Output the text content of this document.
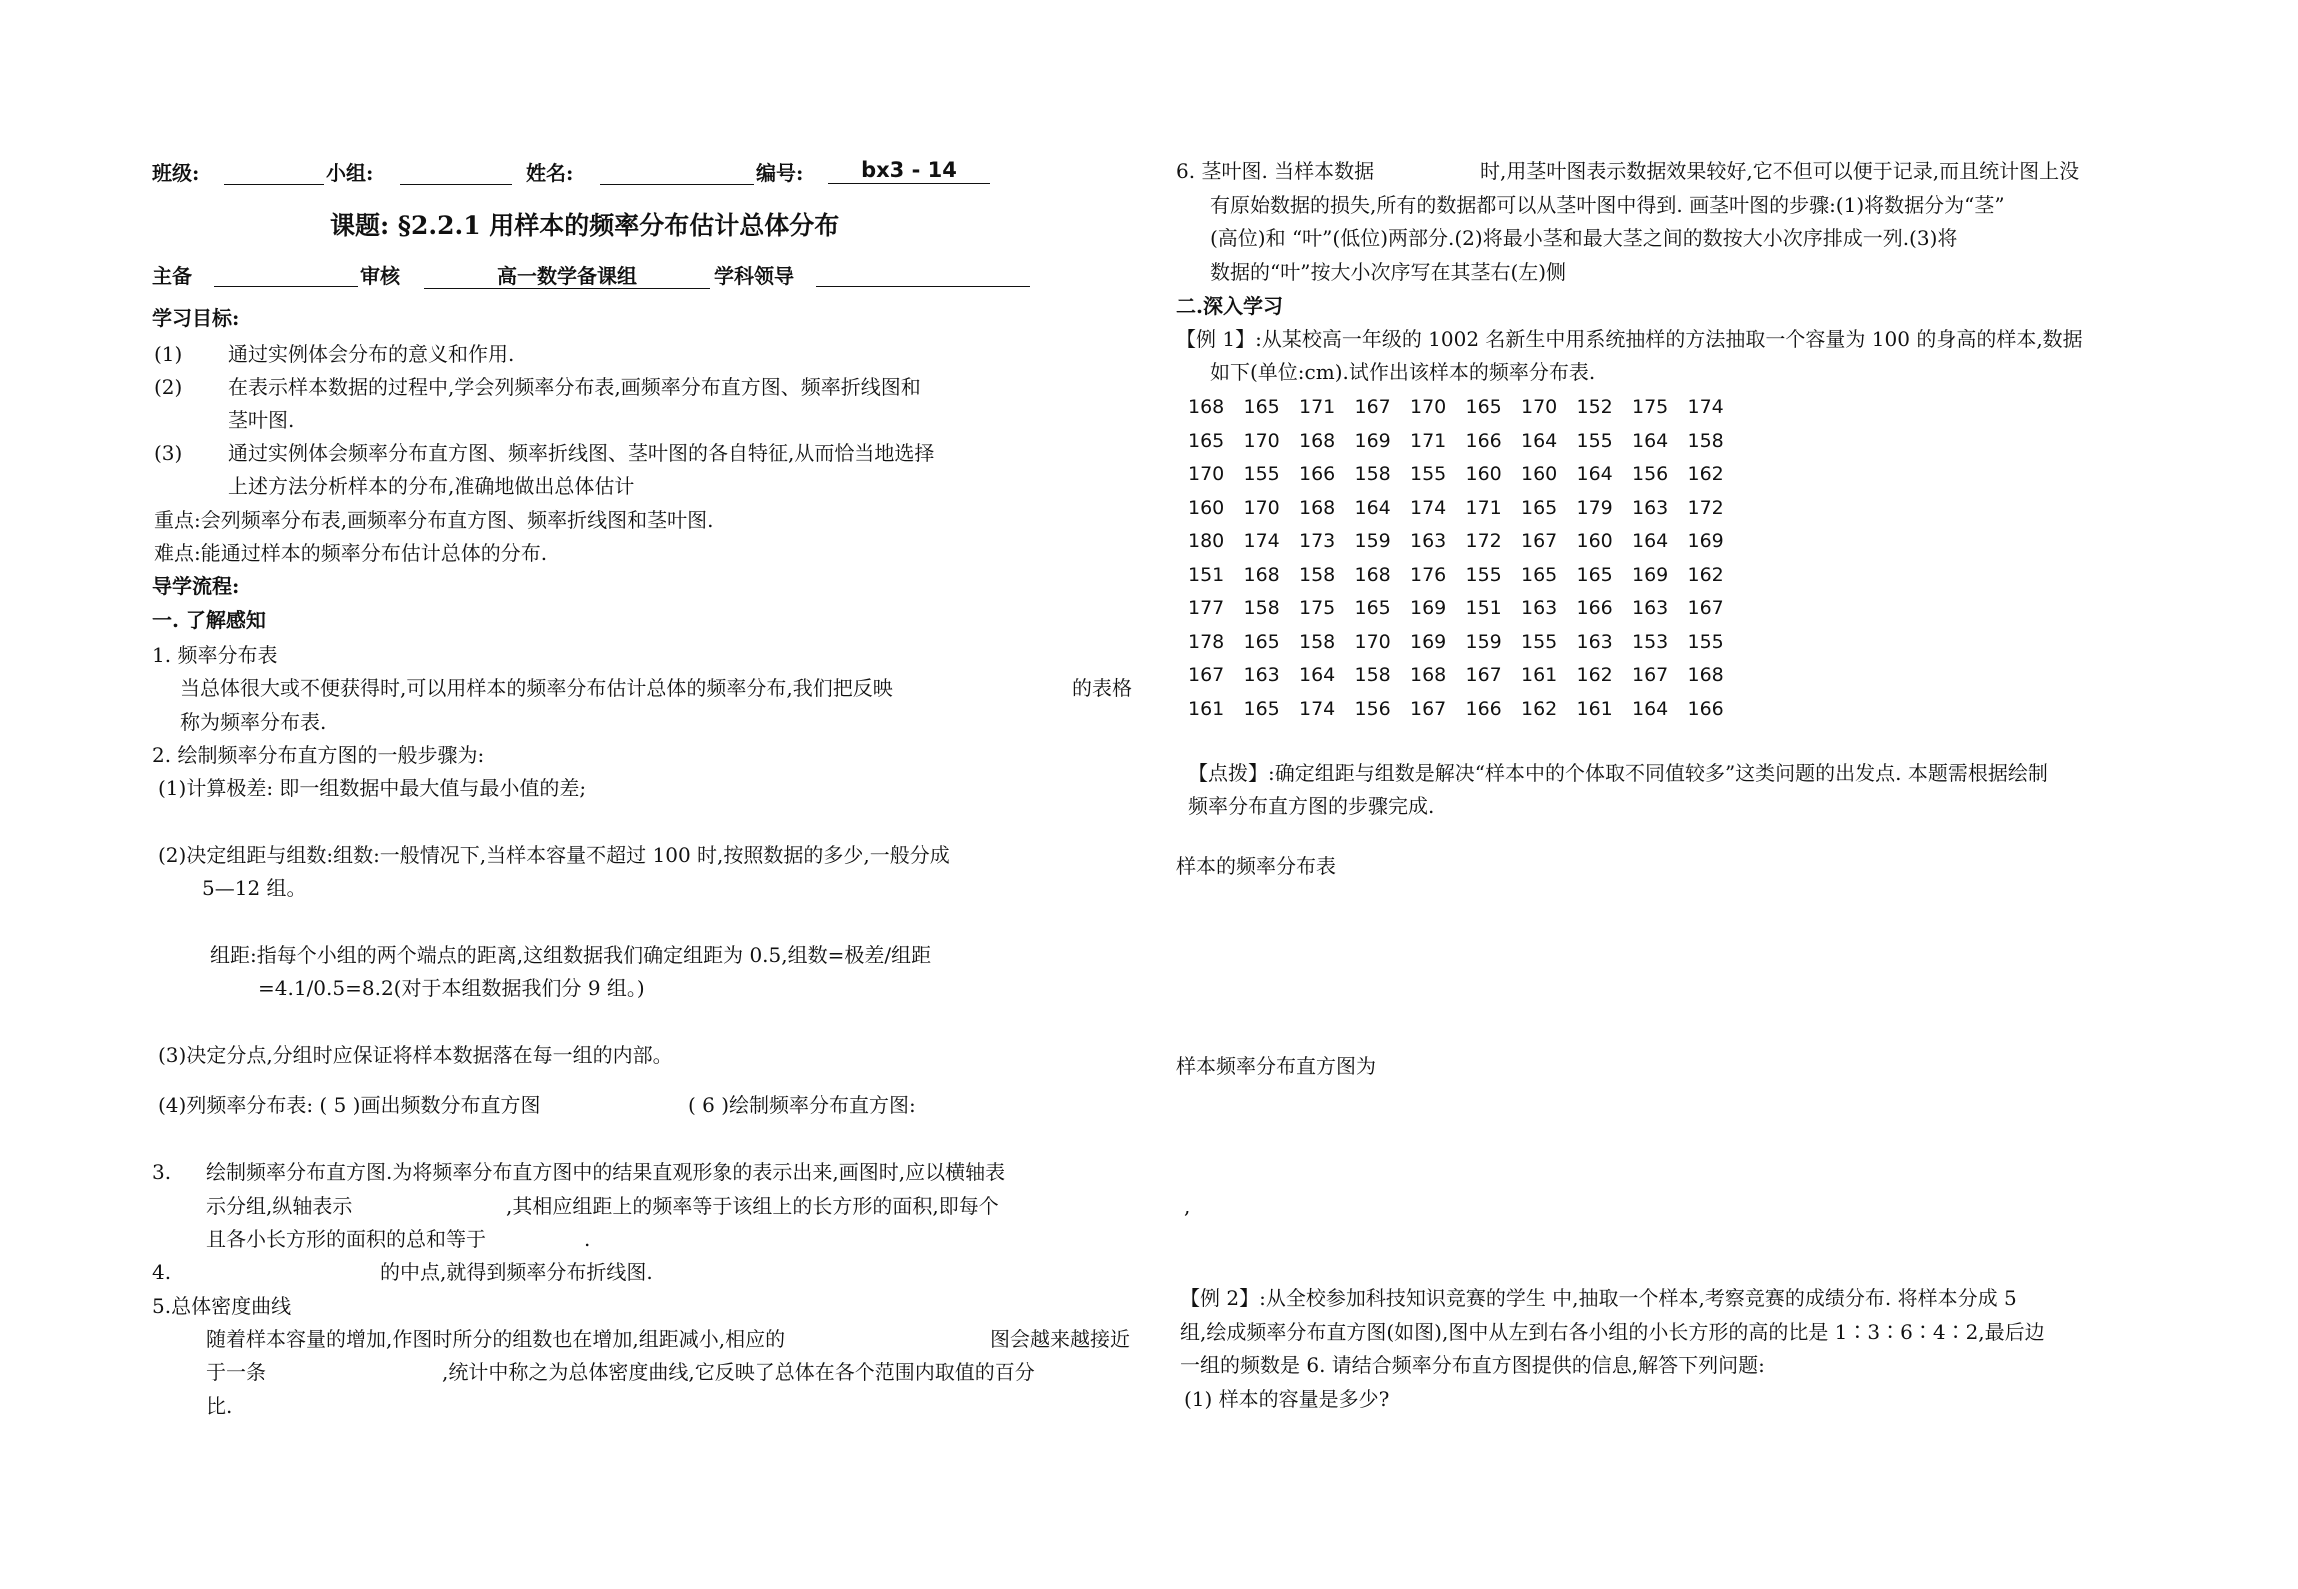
班级:	小组:	姓名:	编号:	bx3 - 14
课题: §2.2.1 用样本的频率分布估计总体分布
主备	审核	高一数学备课组	学科领导
学习目标:
(1) 通过实例体会分布的意义和作用.
(2) 在表示样本数据的过程中,学会列频率分布表,画频率分布直方图、频率折线图和
茎叶图.
(3) 通过实例体会频率分布直方图、频率折线图、茎叶图的各自特征,从而恰当地选择
上述方法分析样本的分布,准确地做出总体估计
重点:会列频率分布表,画频率分布直方图、频率折线图和茎叶图.
难点:能通过样本的频率分布估计总体的分布.
导学流程:
一. 了解感知
1. 频率分布表
当总体很大或不便获得时,可以用样本的频率分布估计总体的频率分布,我们把反映	的表格
称为频率分布表.
2. 绘制频率分布直方图的一般步骤为:
(1)计算极差: 即一组数据中最大值与最小值的差;
(2)决定组距与组数:组数:一般情况下,当样本容量不超过 100 时,按照数据的多少,一般分成
5—12 组。
组距:指每个小组的两个端点的距离,这组数据我们确定组距为 0.5,组数=极差/组距
=4.1/0.5=8.2(对于本组数据我们分 9 组。)
(3)决定分点,分组时应保证将样本数据落在每一组的内部。
(4)列频率分布表: ( 5 )画出频数分布直方图	( 6 )绘制频率分布直方图:
3. 绘制频率分布直方图.为将频率分布直方图中的结果直观形象的表示出来,画图时,应以横轴表
示分组,纵轴表示	,其相应组距上的频率等于该组上的长方形的面积,即每个
且各小长方形的面积的总和等于	.
4.	的中点,就得到频率分布折线图.
5.总体密度曲线
随着样本容量的增加,作图时所分的组数也在增加,组距减小,相应的	图会越来越接近
于一条	,统计中称之为总体密度曲线,它反映了总体在各个范围内取值的百分
比.
6. 茎叶图. 当样本数据	时,用茎叶图表示数据效果较好,它不但可以便于记录,而且统计图上没
有原始数据的损失,所有的数据都可以从茎叶图中得到. 画茎叶图的步骤:(1)将数据分为“茎”
(高位)和 “叶”(低位)两部分.(2)将最小茎和最大茎之间的数按大小次序排成一列.(3)将
数据的“叶”按大小次序写在其茎右(左)侧
二.深入学习
【例 1】:从某校高一年级的 1002 名新生中用系统抽样的方法抽取一个容量为 100 的身高的样本,数据
如下(单位:cm).试作出该样本的频率分布表.
168	165	171	167	170	165	170	152	175	174
165	170	168	169	171	166	164	155	164	158
170	155	166	158	155	160	160	164	156	162
160	170	168	164	174	171	165	179	163	172
180	174	173	159	163	172	167	160	164	169
151	168	158	168	176	155	165	165	169	162
177	158	175	165	169	151	163	166	163	167
178	165	158	170	169	159	155	163	153	155
167	163	164	158	168	167	161	162	167	168
161	165	174	156	167	166	162	161	164	166
【点拨】:确定组距与组数是解决“样本中的个体取不同值较多”这类问题的出发点. 本题需根据绘制
频率分布直方图的步骤完成.
样本的频率分布表
样本频率分布直方图为
,
【例 2】:从全校参加科技知识竞赛的学生 中,抽取一个样本,考察竞赛的成绩分布. 将样本分成 5
组,绘成频率分布直方图(如图),图中从左到右各小组的小长方形的高的比是 1∶3∶6∶4∶2,最后边
一组的频数是 6. 请结合频率分布直方图提供的信息,解答下列问题:
(1) 样本的容量是多少?
